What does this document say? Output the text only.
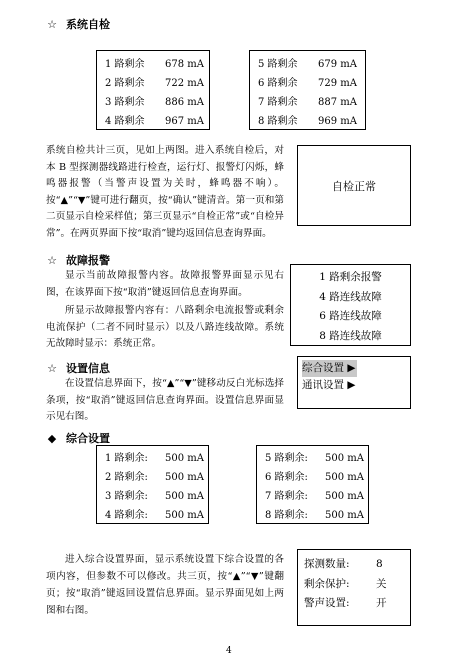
☆ 系统自检
1 路剩余	678 mA
2 路剩余	722 mA
3 路剩余	886 mA
4 路剩余	967 mA
5 路剩余	679 mA
6 路剩余	729 mA
7 路剩余	887 mA
8 路剩余	969 mA
系统自检共计三页，见如上两图。进入系统自检后，对本 B 型探测器线路进行检查，运行灯、报警灯闪烁，蜂鸣器报警（当警声设置为关时，蜂鸣器不响）。按“▲”“▼”键可进行翻页，按“确认”键清音。第一页和第二页显示自检采样值；第三页显示“自检正常”或“自检异常”。在两页界面下按“取消”键均返回信息查询界面。
自检正常
☆ 故障报警
显示当前故障报警内容。故障报警界面显示见右图，在该界面下按“取消”键返回信息查询界面。
所显示故障报警内容有：八路剩余电流报警或剩余电流保护（二者不同时显示）以及八路连线故障。系统无故障时显示：系统正常。
1 路剩余报警
4 路连线故障
6 路连线故障
8 路连线故障
☆ 设置信息
在设置信息界面下，按“▲”“▼”键移动反白光标选择条项，按“取消”键返回信息查询界面。设置信息界面显示见右图。
综合设置 ▶
通讯设置 ▶
◆ 综合设置
1 路剩余:	500 mA
2 路剩余:	500 mA
3 路剩余:	500 mA
4 路剩余:	500 mA
5 路剩余:	500 mA
6 路剩余:	500 mA
7 路剩余:	500 mA
8 路剩余:	500 mA
进入综合设置界面，显示系统设置下综合设置的各项内容，但参数不可以修改。共三页，按“▲”“▼”键翻页；按“取消”键返回设置信息界面。显示界面见如上两图和右图。
探测数量:	8
剩余保护:	关
警声设置:	开
4
